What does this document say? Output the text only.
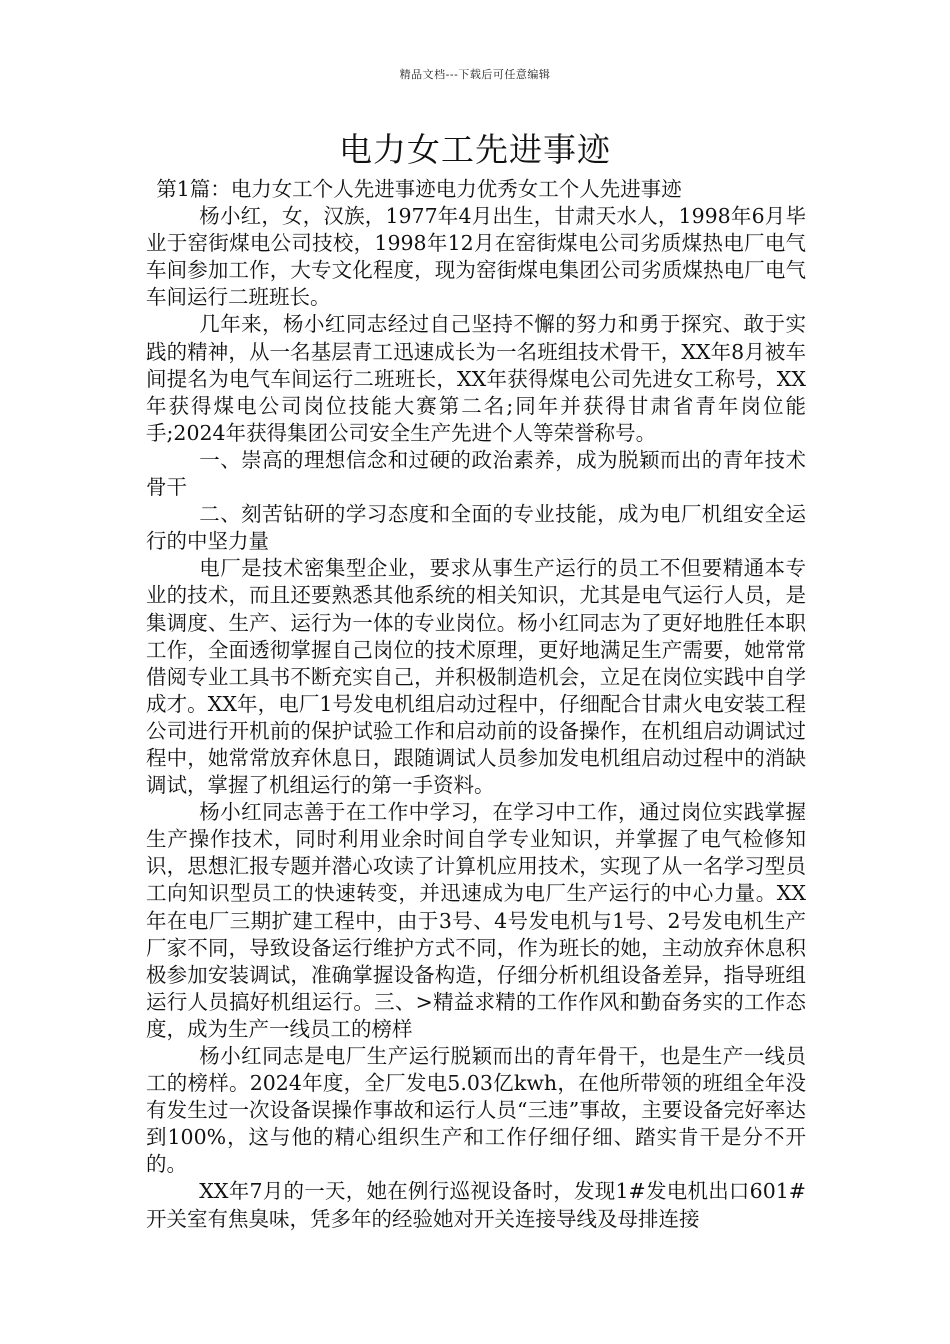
精品文档---下载后可任意编辑
电力女工先进事迹

第1篇：电力女工个人先进事迹电力优秀女工个人先进事迹

杨小红，女，汉族，1977年4月出生，甘肃天水人，1998年6月毕业于窑街煤电公司技校，1998年12月在窑街煤电公司劣质煤热电厂电气车间参加工作，大专文化程度，现为窑街煤电集团公司劣质煤热电厂电气车间运行二班班长。

几年来，杨小红同志经过自己坚持不懈的努力和勇于探究、敢于实践的精神，从一名基层青工迅速成长为一名班组技术骨干，XX年8月被车间提名为电气车间运行二班班长，XX年获得煤电公司先进女工称号，XX年获得煤电公司岗位技能大赛第二名;同年并获得甘肃省青年岗位能手;2024年获得集团公司安全生产先进个人等荣誉称号。

一、崇高的理想信念和过硬的政治素养，成为脱颖而出的青年技术骨干

二、刻苦钻研的学习态度和全面的专业技能，成为电厂机组安全运行的中坚力量

电厂是技术密集型企业，要求从事生产运行的员工不但要精通本专业的技术，而且还要熟悉其他系统的相关知识，尤其是电气运行人员，是集调度、生产、运行为一体的专业岗位。杨小红同志为了更好地胜任本职工作，全面透彻掌握自己岗位的技术原理，更好地满足生产需要，她常常借阅专业工具书不断充实自己，并积极制造机会，立足在岗位实践中自学成才。XX年，电厂1号发电机组启动过程中，仔细配合甘肃火电安装工程公司进行开机前的保护试验工作和启动前的设备操作，在机组启动调试过程中，她常常放弃休息日，跟随调试人员参加发电机组启动过程中的消缺调试，掌握了机组运行的第一手资料。

杨小红同志善于在工作中学习，在学习中工作，通过岗位实践掌握生产操作技术，同时利用业余时间自学专业知识，并掌握了电气检修知识，思想汇报专题并潜心攻读了计算机应用技术，实现了从一名学习型员工向知识型员工的快速转变，并迅速成为电厂生产运行的中心力量。XX年在电厂三期扩建工程中，由于3号、4号发电机与1号、2号发电机生产厂家不同，导致设备运行维护方式不同，作为班长的她，主动放弃休息积极参加安装调试，准确掌握设备构造，仔细分析机组设备差异，指导班组运行人员搞好机组运行。三、>精益求精的工作作风和勤奋务实的工作态度，成为生产一线员工的榜样

杨小红同志是电厂生产运行脱颖而出的青年骨干，也是生产一线员工的榜样。2024年度，全厂发电5.03亿kwh，在他所带领的班组全年没有发生过一次设备误操作事故和运行人员“三违”事故，主要设备完好率达到100%，这与他的精心组织生产和工作仔细仔细、踏实肯干是分不开的。

XX年7月的一天，她在例行巡视设备时，发现1#发电机出口601#开关室有焦臭味，凭多年的经验她对开关连接导线及母排连接
